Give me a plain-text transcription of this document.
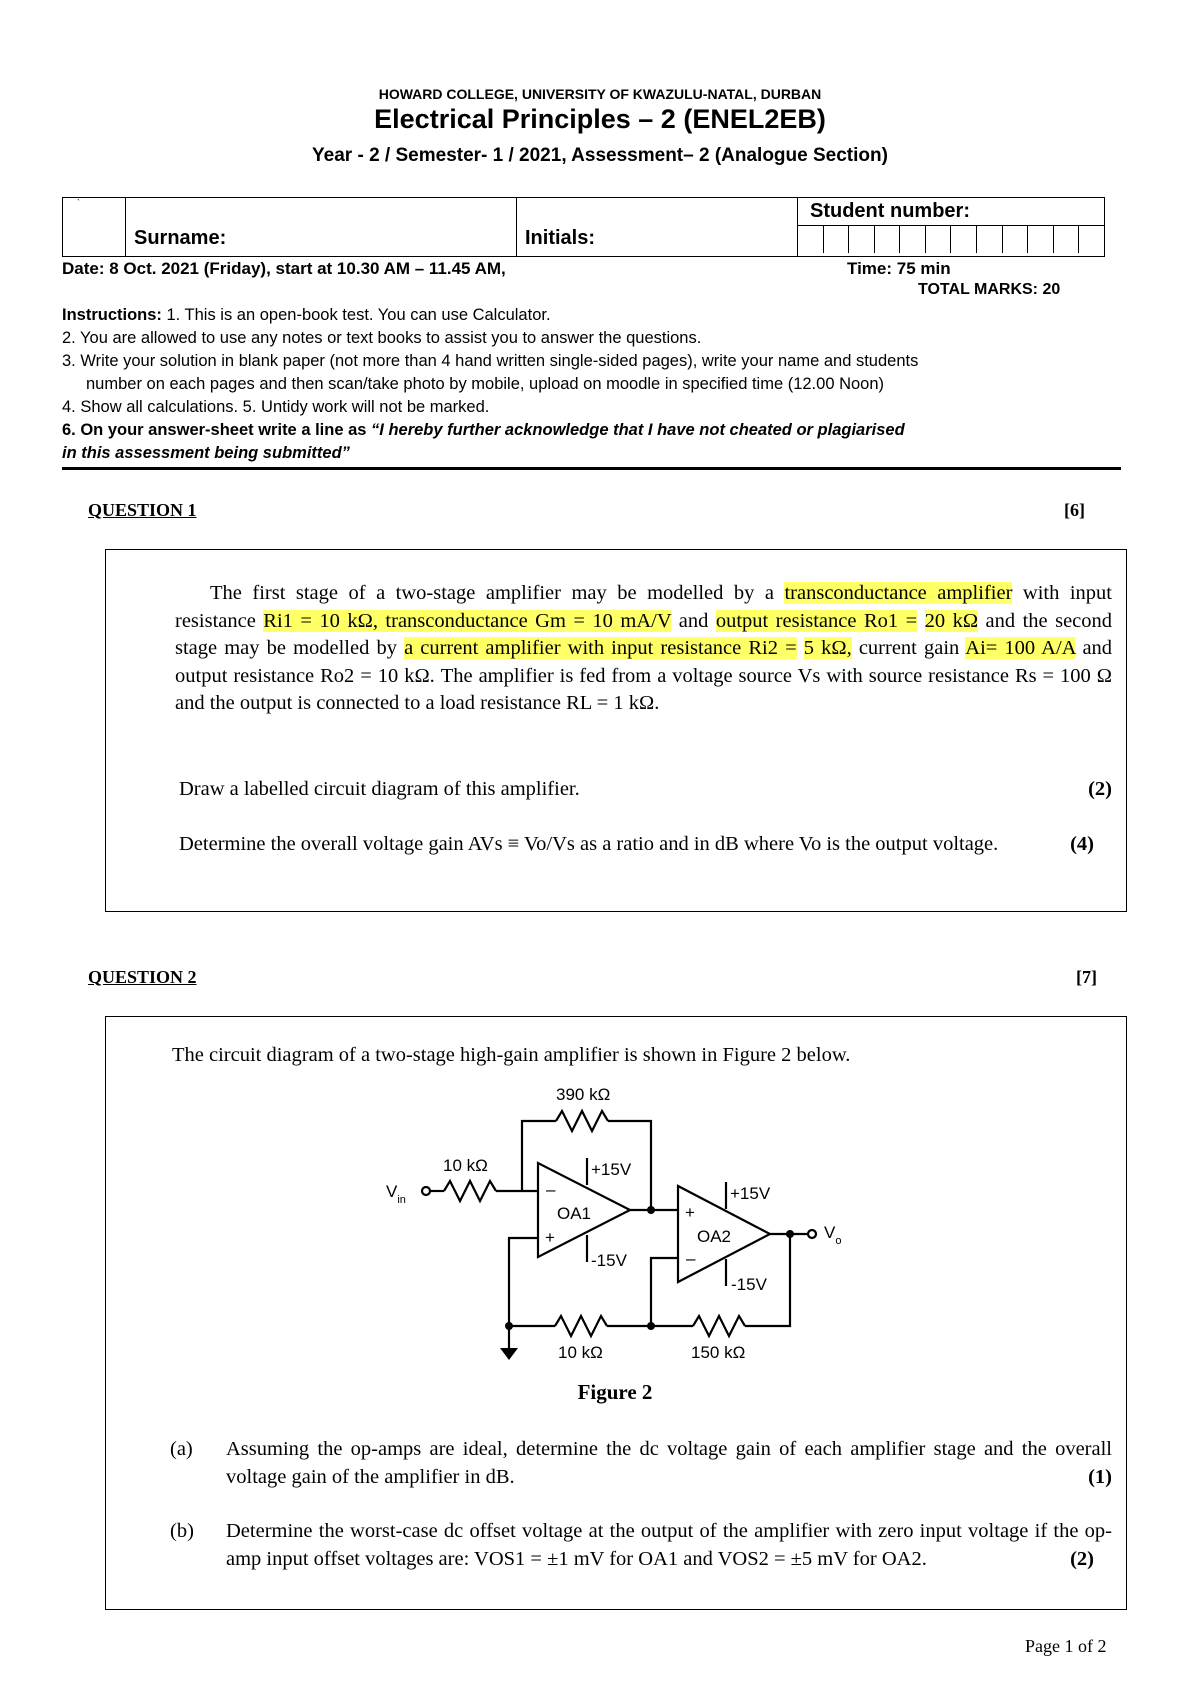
HOWARD COLLEGE, UNIVERSITY OF KWAZULU-NATAL, DURBAN
Electrical Principles – 2 (ENEL2EB)
Year - 2 / Semester- 1 / 2021, Assessment– 2 (Analogue Section)
`	Surname:	Initials:	
Student number:
Date: 8 Oct. 2021 (Friday), start at 10.30 AM – 11.45 AM,	Time: 75 min
TOTAL MARKS: 20
Instructions: 1. This is an open-book test. You can use Calculator.
2. You are allowed to use any notes or text books to assist you to answer the questions.
3. Write your solution in blank paper (not more than 4 hand written single-sided pages), write your name and students
number on each pages and then scan/take photo by mobile, upload on moodle in specified time (12.00 Noon)
4. Show all calculations. 5. Untidy work will not be marked.
6. On your answer-sheet write a line as “I hereby further acknowledge that I have not cheated or plagiarised
in this assessment being submitted”
QUESTION 1	[6]
The first stage of a two-stage amplifier may be modelled by a transconductance amplifier with input resistance Ri1 = 10 kΩ, transconductance Gm = 10 mA/V and output resistance Ro1 = 20 kΩ and the second stage may be modelled by a current amplifier with input resistance Ri2 = 5 kΩ, current gain Ai= 100 A/A and output resistance Ro2 = 10 kΩ. The amplifier is fed from a voltage source Vs with source resistance Rs = 100 Ω and the output is connected to a load resistance RL = 1 kΩ.
Draw a labelled circuit diagram of this amplifier.	(2)
Determine the overall voltage gain AVs ≡ Vo/Vs as a ratio and in dB where Vo is the output voltage.	(4)
QUESTION 2	[7]
The circuit diagram of a two-stage high-gain amplifier is shown in Figure 2 below.
390 kΩ
10 kΩ
$V_{in}$
+15V
-15V
OA1
–
+
+15V
-15V
OA2
+
–
$V_o$
10 kΩ	150 kΩ
Figure 2
(a) Assuming the op-amps are ideal, determine the dc voltage gain of each amplifier stage and the overall voltage gain of the amplifier in dB.	(1)
(b) Determine the worst-case dc offset voltage at the output of the amplifier with zero input voltage if the op-amp input offset voltages are: VOS1 = ±1 mV for OA1 and VOS2 = ±5 mV for OA2.	(2)
Page 1 of 2
